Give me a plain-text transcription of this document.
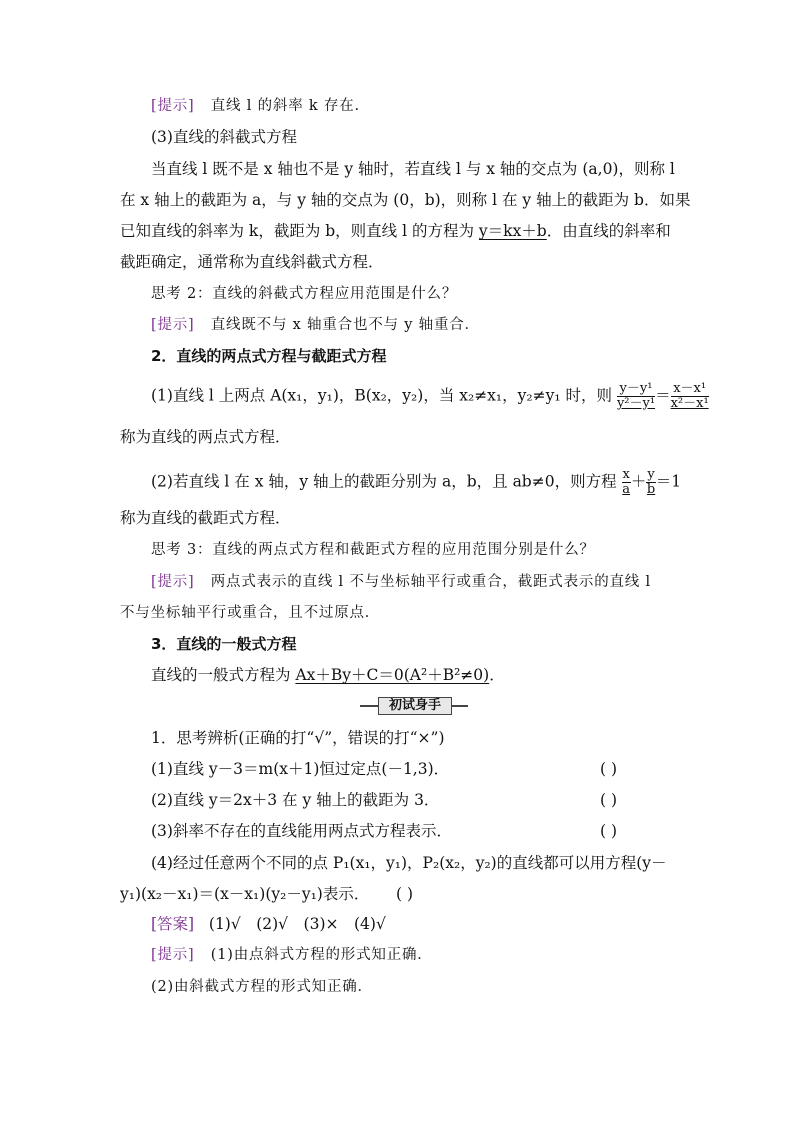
[提示] 直线 l 的斜率 k 存在.
(3)直线的斜截式方程
当直线 l 既不是 x 轴也不是 y 轴时，若直线 l 与 x 轴的交点为 (a,0)，则称 l
在 x 轴上的截距为 a，与 y 轴的交点为 (0，b)，则称 l 在 y 轴上的截距为 b．如果
已知直线的斜率为 k，截距为 b，则直线 l 的方程为 y＝kx＋b．由直线的斜率和
截距确定，通常称为直线斜截式方程．
思考 2：直线的斜截式方程应用范围是什么？
[提示] 直线既不与 x 轴重合也不与 y 轴重合．
2．直线的两点式方程与截距式方程
(1)直线 l 上两点 A(x₁，y₁)，B(x₂，y₂)，当 x₂≠x₁，y₂≠y₁ 时，则 $\frac{\text{y－y¹}}{\text{y²－y¹}} = \frac{\text{x－x¹}}{\text{x²－x¹}}$
称为直线的两点式方程．
(2)若直线 l 在 x 轴，y 轴上的截距分别为 a，b，且 ab≠0，则方程 $\frac{x}{a} + \frac{y}{b} =1$
称为直线的截距式方程．
思考 3：直线的两点式方程和截距式方程的应用范围分别是什么？
[提示] 两点式表示的直线 l 不与坐标轴平行或重合，截距式表示的直线 l
不与坐标轴平行或重合，且不过原点．
3．直线的一般式方程
直线的一般式方程为 Ax＋By＋C＝0(A²＋B²≠0)．
初试身手
1．思考辨析(正确的打“√”，错误的打“×”)
(1)直线 y－3＝m(x＋1)恒过定点(－1,3)．	( )
(2)直线 y＝2x＋3 在 y 轴上的截距为 3．	( )
(3)斜率不存在的直线能用两点式方程表示．	( )
(4)经过任意两个不同的点 P₁(x₁，y₁)，P₂(x₂，y₂)的直线都可以用方程(y－
y₁)(x₂－x₁)＝(x－x₁)(y₂－y₁)表示． ( )
[答案] (1)√　(2)√　(3)×　(4)√
[提示] (1)由点斜式方程的形式知正确．
(2)由斜截式方程的形式知正确．
